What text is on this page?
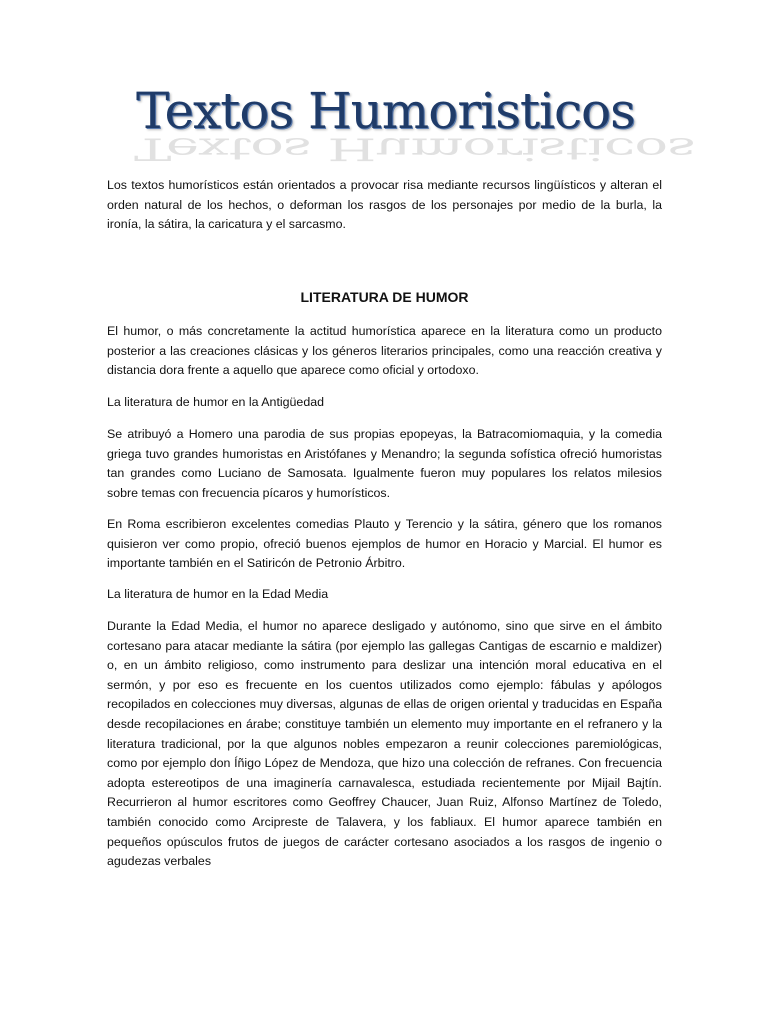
Textos Humoristicos
Textos Humoristicos

Los textos humorísticos están orientados a provocar risa mediante recursos lingüísticos y alteran el orden natural de los hechos, o deforman los rasgos de los personajes por medio de la burla, la ironía, la sátira, la caricatura y el sarcasmo.

LITERATURA DE HUMOR

El humor, o más concretamente la actitud humorística aparece en la literatura como un producto posterior a las creaciones clásicas y los géneros literarios principales, como una reacción creativa y distancia dora frente a aquello que aparece como oficial y ortodoxo.

La literatura de humor en la Antigüedad

Se atribuyó a Homero una parodia de sus propias epopeyas, la Batracomiomaquia, y la comedia griega tuvo grandes humoristas en Aristófanes y Menandro; la segunda sofística ofreció humoristas tan grandes como Luciano de Samosata. Igualmente fueron muy populares los relatos milesios sobre temas con frecuencia pícaros y humorísticos.

En Roma escribieron excelentes comedias Plauto y Terencio y la sátira, género que los romanos quisieron ver como propio, ofreció buenos ejemplos de humor en Horacio y Marcial. El humor es importante también en el Satiricón de Petronio Árbitro.

La literatura de humor en la Edad Media

Durante la Edad Media, el humor no aparece desligado y autónomo, sino que sirve en el ámbito cortesano para atacar mediante la sátira (por ejemplo las gallegas Cantigas de escarnio e maldizer) o, en un ámbito religioso, como instrumento para deslizar una intención moral educativa en el sermón, y por eso es frecuente en los cuentos utilizados como ejemplo: fábulas y apólogos recopilados en colecciones muy diversas, algunas de ellas de origen oriental y traducidas en España desde recopilaciones en árabe; constituye también un elemento muy importante en el refranero y la literatura tradicional, por la que algunos nobles empezaron a reunir colecciones paremiológicas, como por ejemplo don Íñigo López de Mendoza, que hizo una colección de refranes. Con frecuencia adopta estereotipos de una imaginería carnavalesca, estudiada recientemente por Mijail Bajtín. Recurrieron al humor escritores como Geoffrey Chaucer, Juan Ruiz, Alfonso Martínez de Toledo, también conocido como Arcipreste de Talavera, y los fabliaux. El humor aparece también en pequeños opúsculos frutos de juegos de carácter cortesano asociados a los rasgos de ingenio o agudezas verbales
